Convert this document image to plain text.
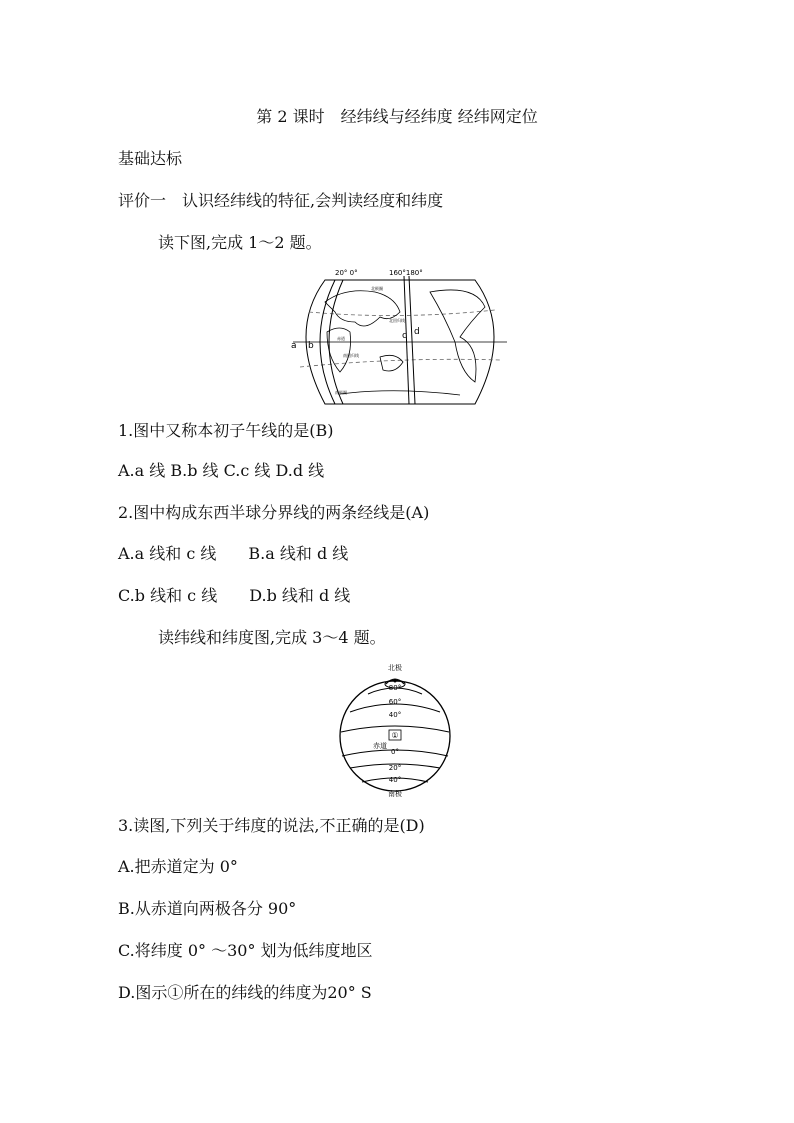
第 2 课时　经纬线与经纬度 经纬网定位
基础达标
评价一　认识经纬线的特征,会判读经度和纬度
读下图,完成 1～2 题。
20° 0°	160°180°
a b
c d
北极圈
北回归线
赤道
南回归线
南极圈
1.图中又称本初子午线的是(B)
A.a 线 B.b 线 C.c 线 D.d 线
2.图中构成东西半球分界线的两条经线是(A)
A.a 线和 c 线　　B.a 线和 d 线
C.b 线和 c 线　　D.b 线和 d 线
读纬线和纬度图,完成 3～4 题。
北极
80°
60°
40°
0°
20°
40°
赤道
南极
①
3.读图,下列关于纬度的说法,不正确的是(D)
A.把赤道定为 0°
B.从赤道向两极各分 90°
C.将纬度 0° ～30° 划为低纬度地区
D.图示①所在的纬线的纬度为20° S
